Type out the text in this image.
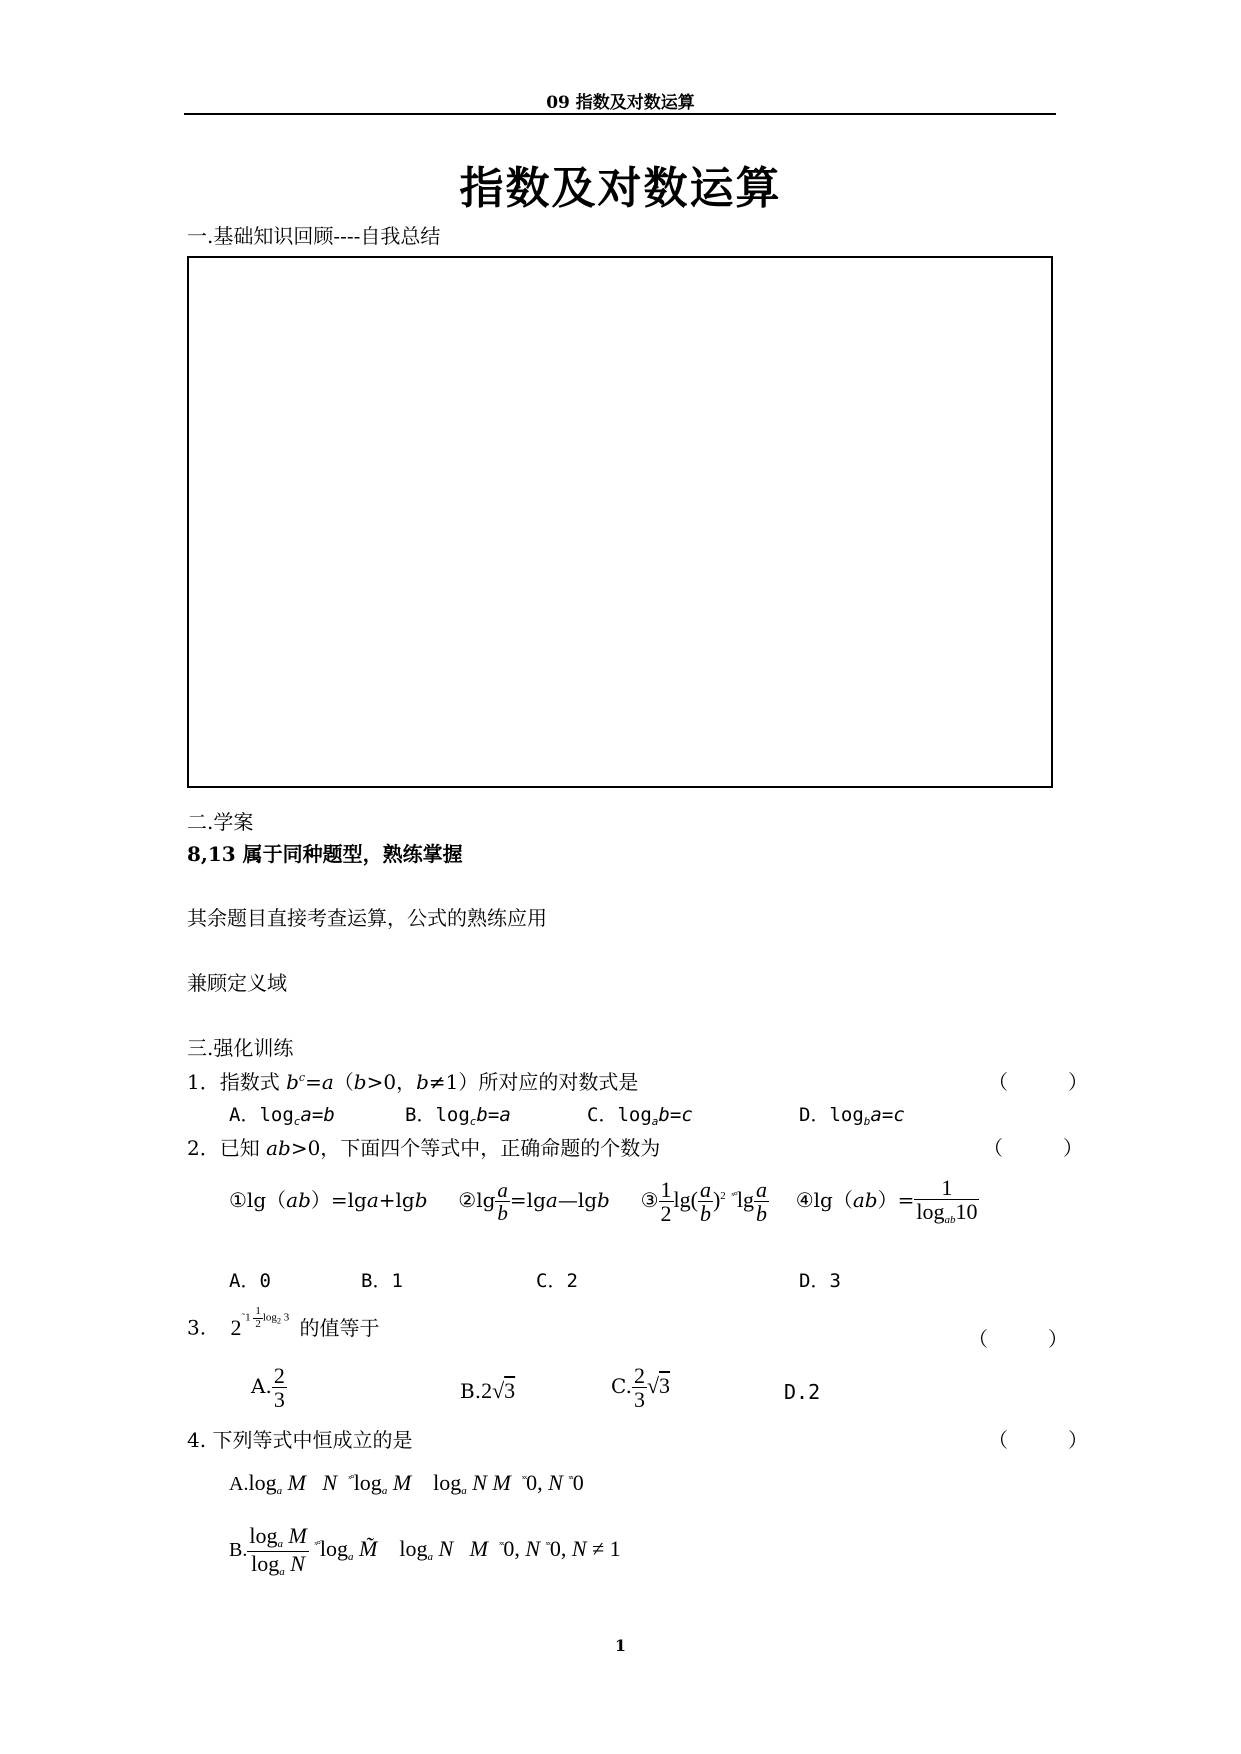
09 指数及对数运算
指数及对数运算
一.基础知识回顾----自我总结
二.学案
8,13 属于同种题型，熟练掌握
其余题目直接考查运算，公式的熟练应用
兼顾定义域
三.强化训练
1．指数式 $b^c=a(b>0$，b≠1）所对应的对数式是	（　　　）
A．$\log_ca=b$	B．$\log_cb=a$	C．$\log_ab=c$	D．$\log_ba=c$
2．已知 ab>0，下面四个等式中，正确命题的个数为	（　　　）
①lg（ab）=lga+lgb ②lg $\frac{a}{b}$ =lga—lgb ③ $\frac{1}{2} \lg( \frac{a}{b} )^2$ $^{ˣ^\circ}\lg \frac{a}{b}$ ④lg（ab）= $\frac{1}{\log_{ab}10}$
A．0	B．1	C．2	D．3
3. 2˜1 $\frac{1}{2} \log_2 3$ 的值等于	（　　　）
A. $\frac{2}{3}$	B.2√3	C. $\frac{2}{3} √3$	D.2
4. 下列等式中恒成立的是	（　　　）
$A.\log_a$ M N $^{ˣ^\circ}\log_a$ M $\log_a N$ M $^{ˣˣ}$0, N $^{ˣˣ}$0
B. $\frac{\log_a M}{\log_a N} ^{ˣ^\circ}\log_a$ M̃ $\log_a N$ M $^{ˣˣ}$0, N $^{ˣˣ}$0, N ≠ 1
1
